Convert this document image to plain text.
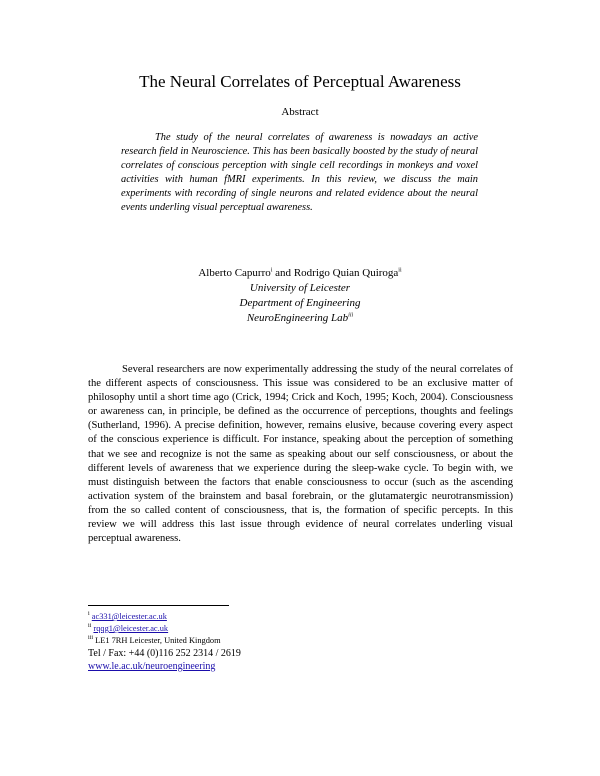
The Neural Correlates of Perceptual Awareness
Abstract

The study of the neural correlates of awareness is nowadays an active research field in Neuroscience. This has been basically boosted by the study of neural correlates of conscious perception with single cell recordings in monkeys and voxel activities with human fMRI experiments. In this review, we discuss the main experiments with recording of single neurons and related evidence about the neural events underling visual perceptual awareness.

Alberto Capurro$^i$ and Rodrigo Quian Quiroga$^{ii}$
University of Leicester
Department of Engineering
NeuroEngineering Lab$^{iii}$

Several researchers are now experimentally addressing the study of the neural correlates of the different aspects of consciousness. This issue was considered to be an exclusive matter of philosophy until a short time ago (Crick, 1994; Crick and Koch, 1995; Koch, 2004). Consciousness or awareness can, in principle, be defined as the occurrence of perceptions, thoughts and feelings (Sutherland, 1996). A precise definition, however, remains elusive, because covering every aspect of the conscious experience is difficult. For instance, speaking about the perception of something that we see and recognize is not the same as speaking about our self consciousness, or about the different levels of awareness that we experience during the sleep-wake cycle. To begin with, we must distinguish between the factors that enable consciousness to occur (such as the ascending activation system of the brainstem and basal forebrain, or the glutamatergic neurotransmission) from the so called content of consciousness, that is, the formation of specific percepts. In this review we will address this last issue through evidence of neural correlates underling visual perceptual awareness.

$^i$ ac331@leicester.ac.uk
$^{ii}$ rqqg1@leicester.ac.uk
$^{iii}$ LE1 7RH Leicester, United Kingdom
Tel / Fax: +44 (0)116 252 2314 / 2619
www.le.ac.uk/neuroengineering
